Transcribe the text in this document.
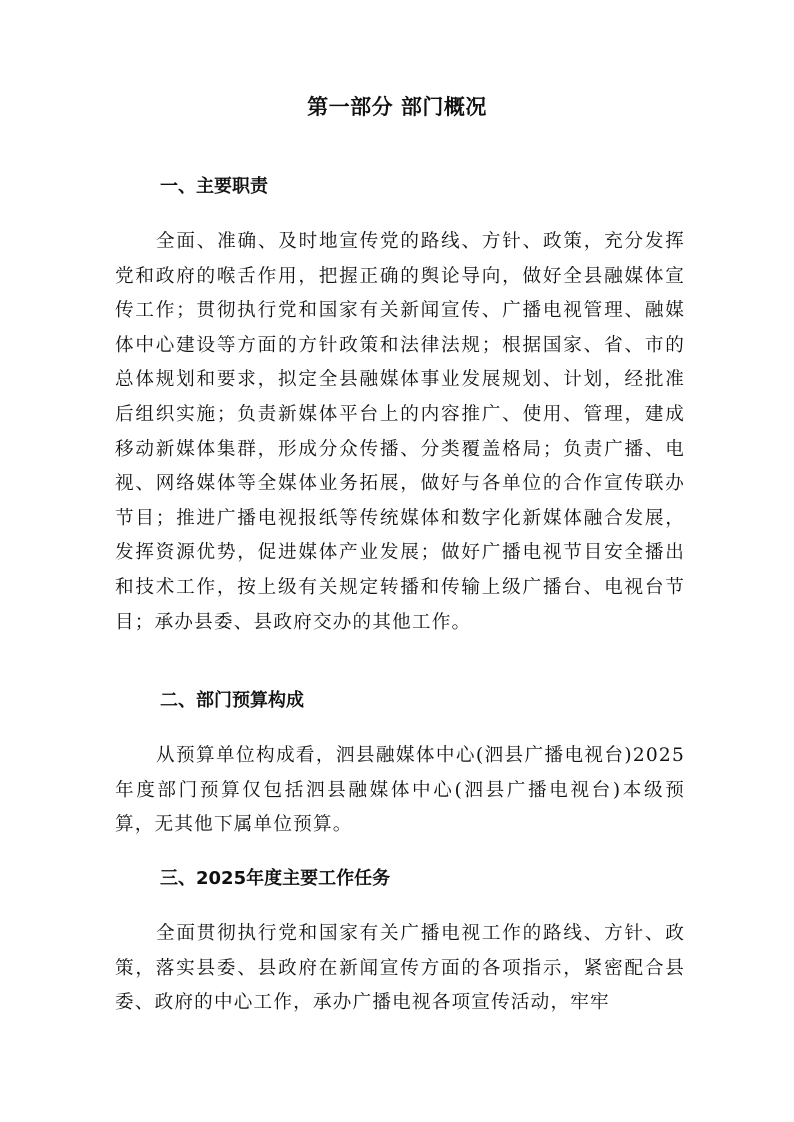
第一部分 部门概况
一、主要职责
全面、准确、及时地宣传党的路线、方针、政策，充分发挥党和政府的喉舌作用，把握正确的舆论导向，做好全县融媒体宣传工作；贯彻执行党和国家有关新闻宣传、广播电视管理、融媒体中心建设等方面的方针政策和法律法规；根据国家、省、市的总体规划和要求，拟定全县融媒体事业发展规划、计划，经批准后组织实施；负责新媒体平台上的内容推广、使用、管理，建成移动新媒体集群，形成分众传播、分类覆盖格局；负责广播、电视、网络媒体等全媒体业务拓展，做好与各单位的合作宣传联办节目；推进广播电视报纸等传统媒体和数字化新媒体融合发展，发挥资源优势，促进媒体产业发展；做好广播电视节目安全播出和技术工作，按上级有关规定转播和传输上级广播台、电视台节目；承办县委、县政府交办的其他工作。
二、部门预算构成
从预算单位构成看，泗县融媒体中心(泗县广播电视台)2025年度部门预算仅包括泗县融媒体中心(泗县广播电视台)本级预算，无其他下属单位预算。
三、2025年度主要工作任务
全面贯彻执行党和国家有关广播电视工作的路线、方针、政策，落实县委、县政府在新闻宣传方面的各项指示，紧密配合县委、政府的中心工作，承办广播电视各项宣传活动，牢牢
